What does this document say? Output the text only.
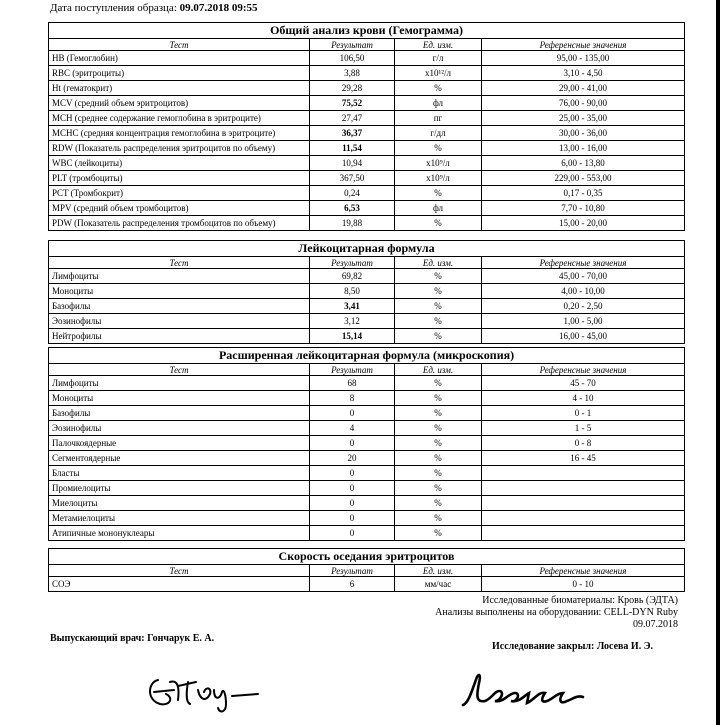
Дата поступления образца: 09.07.2018 09:55
Общий анализ крови (Гемограмма)			
Тест	Результат	Ед. изм.	Референсные значения
HB (Гемоглобин)	106,50	г/л	95,00 - 135,00
RBC (эритроциты)	3,88	x10¹²/л	3,10 - 4,50
Ht (гематокрит)	29,28	%	29,00 - 41,00
MCV (средний объем эритроцитов)	75,52	фл	76,00 - 90,00
MCH (среднее содержание гемоглобина в эритроците)	27,47	пг	25,00 - 35,00
MCHC (средняя концентрация гемоглобина в эритроците)	36,37	г/дл	30,00 - 36,00
RDW (Показатель распределения эритроцитов по объему)	11,54	%	13,00 - 16,00
WBC (лейкоциты)	10,94	x10⁹/л	6,00 - 13,80
PLT (тромбоциты)	367,50	x10⁹/л	229,00 - 553,00
PCT (Тромбокрит)	0,24	%	0,17 - 0,35
MPV (средний объем тромбоцитов)	6,53	фл	7,70 - 10,80
PDW (Показатель распределения тромбоцитов по объему)	19,88	%	15,00 - 20,00
Лейкоцитарная формула			
Тест	Результат	Ед. изм.	Референсные значения
Лимфоциты	69,82	%	45,00 - 70,00
Моноциты	8,50	%	4,00 - 10,00
Базофилы	3,41	%	0,20 - 2,50
Эозинофилы	3,12	%	1,00 - 5,00
Нейтрофилы	15,14	%	16,00 - 45,00
Расширенная лейкоцитарная формула (микроскопия)			
Тест	Результат	Ед. изм.	Референсные значения
Лимфоциты	68	%	45 - 70
Моноциты	8	%	4 - 10
Базофилы	0	%	0 - 1
Эозинофилы	4	%	1 - 5
Палочкоядерные	0	%	0 - 8
Сегментоядерные	20	%	16 - 45
Бласты	0	%	
Промиелоциты	0	%	
Миелоциты	0	%	
Метамиелоциты	0	%	
Атипичные мононуклеары	0	%	
Скорость оседания эритроцитов			
Тест	Результат	Ед. изм.	Референсные значения
СОЭ	6	мм/час	0 - 10
Исследованные биоматериалы: Кровь (ЭДТА)
Анализы выполнены на оборудовании: CELL-DYN Ruby
09.07.2018
Выпускающий врач: Гончарук Е. А.
Исследование закрыл: Лосева И. Э.
